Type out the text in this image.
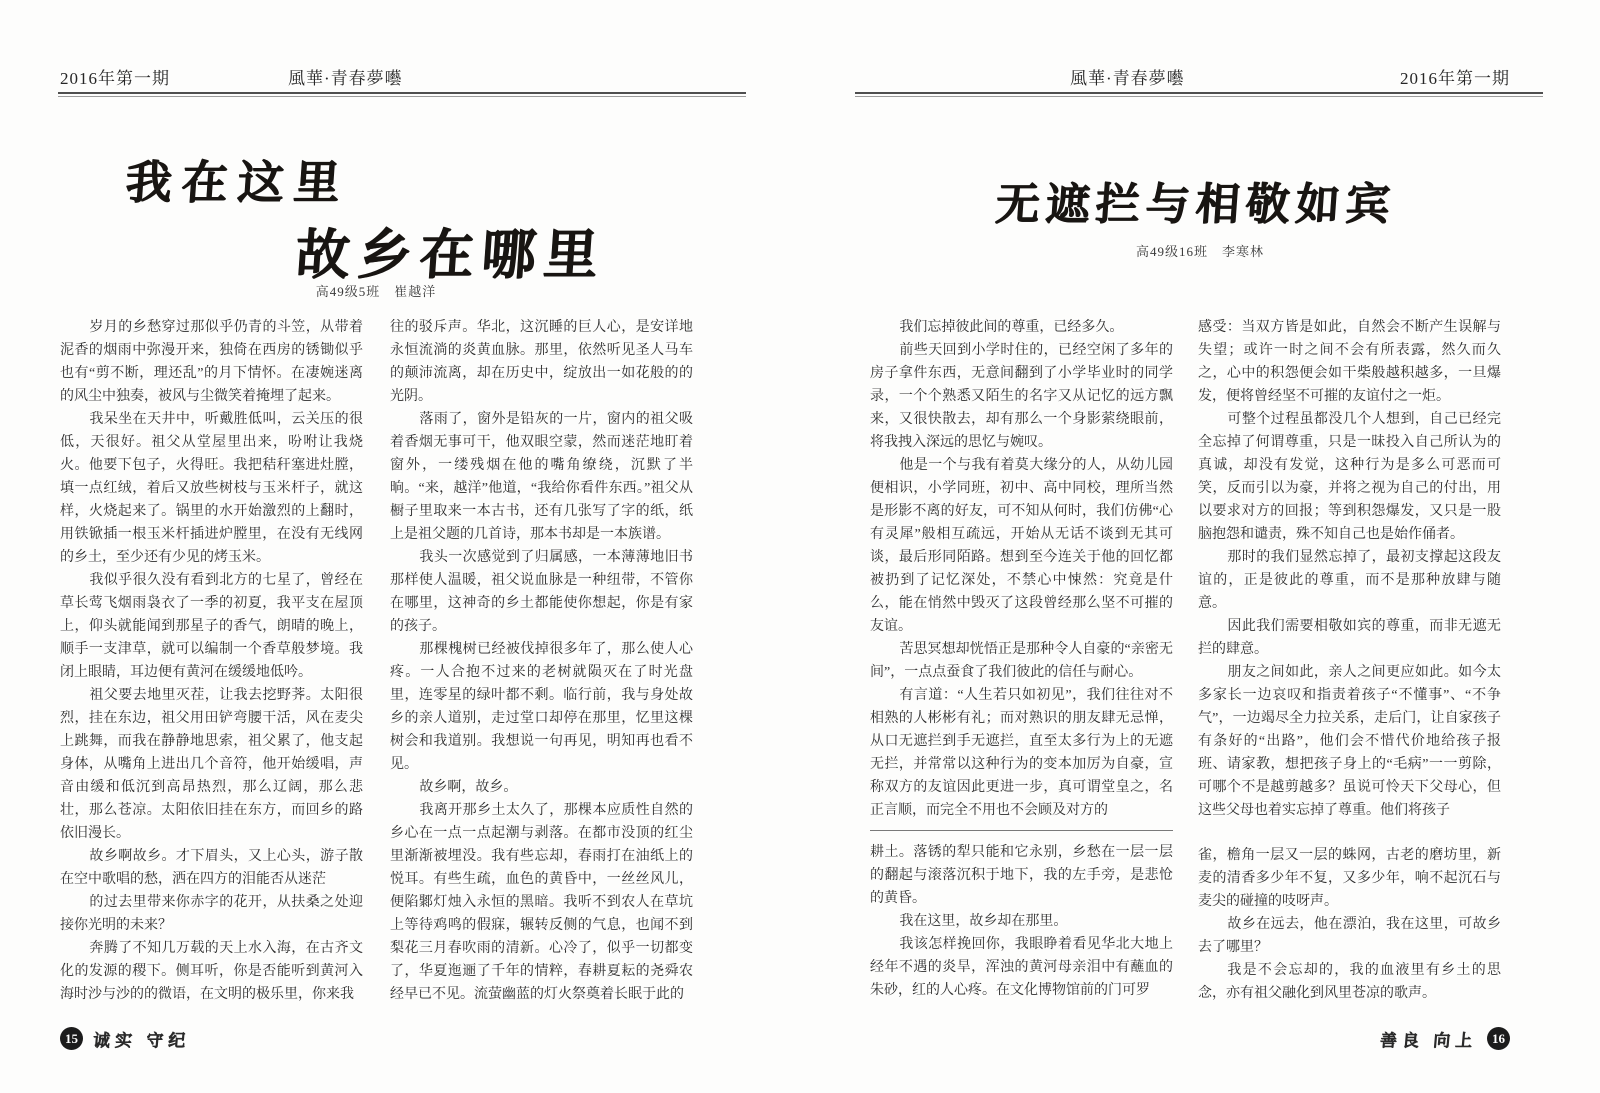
2016年第一期	風華·青春夢囈
我在这里
故乡在哪里
高49级5班　崔越洋

岁月的乡愁穿过那似乎仍青的斗笠，从带着泥香的烟雨中弥漫开来，独倚在西房的锈锄似乎也有“剪不断，理还乱”的月下情怀。在凄婉迷离的风尘中独奏，被风与尘微笑着掩埋了起来。

我呆坐在天井中，听戴胜低叫，云关压的很低，天很好。祖父从堂屋里出来，吩咐让我烧火。他要下包子，火得旺。我把秸秆塞进灶膛，填一点红绒，着后又放些树枝与玉米杆子，就这样，火烧起来了。锅里的水开始激烈的上翻时，用铁锨插一根玉米杆插进炉膛里，在没有无线网的乡土，至少还有少见的烤玉米。

我似乎很久没有看到北方的七星了，曾经在草长莺飞烟雨袅衣了一季的初夏，我平支在屋顶上，仰头就能闻到那星子的香气，朗晴的晚上，顺手一支津草，就可以编制一个香草般梦境。我闭上眼睛，耳边便有黄河在缓缓地低吟。

祖父要去地里灭茬，让我去挖野荠。太阳很烈，挂在东边，祖父用田铲弯腰干活，风在麦尖上跳舞，而我在静静地思索，祖父累了，他支起身体，从嘴角上进出几个音符，他开始缓唱，声音由缓和低沉到高昂热烈，那么辽阔，那么悲壮，那么苍凉。太阳依旧挂在东方，而回乡的路依旧漫长。

故乡啊故乡。才下眉头，又上心头，游子散在空中歌唱的愁，洒在四方的泪能否从迷茫

的过去里带来你赤字的花开，从扶桑之处迎接你光明的未来？

奔腾了不知几万载的天上水入海，在古齐文化的发源的稷下。侧耳听，你是否能听到黄河入海时沙与沙的的微语，在文明的极乐里，你来我

往的驳斥声。华北，这沉睡的巨人心，是安详地永恒流淌的炎黄血脉。那里，依然听见圣人马车的颠沛流离，却在历史中，绽放出一如花般的的光阴。

落雨了，窗外是铅灰的一片，窗内的祖父吸着香烟无事可干，他双眼空蒙，然而迷茫地盯着窗外，一缕残烟在他的嘴角缭绕，沉默了半晌。“来，越洋”他道，“我给你看件东西。”祖父从橱子里取来一本古书，还有几张写了字的纸，纸上是祖父题的几首诗，那本书却是一本族谱。

我头一次感觉到了归属感，一本薄薄地旧书那样使人温暖，祖父说血脉是一种纽带，不管你在哪里，这神奇的乡土都能使你想起，你是有家的孩子。

那棵槐树已经被伐掉很多年了，那么使人心疼。一人合抱不过来的老树就陨灭在了时光盘里，连零星的绿叶都不剩。临行前，我与身处故乡的亲人道别，走过堂口却停在那里，忆里这棵树会和我道别。我想说一句再见，明知再也看不见。

故乡啊，故乡。

我离开那乡土太久了，那棵本应质性自然的乡心在一点一点起潮与剥落。在都市没顶的红尘里渐渐被埋没。我有些忘却，春雨打在油纸上的悦耳。有些生疏，血色的黄昏中，一丝丝风儿，便陷鄹灯烛入永恒的黑暗。我听不到农人在草坑上等待鸡鸣的假寐，辗转反侧的气息，也闻不到梨花三月春吹雨的清新。心冷了，似乎一切都变了，华夏迤逦了千年的情粹，春耕夏耘的尧舜农经早已不见。流萤幽蓝的灯火祭奠着长眠于此的

15 诚实 守纪
風華·青春夢囈	2016年第一期
无遮拦与相敬如宾
高49级16班　李寒林

我们忘掉彼此间的尊重，已经多久。

前些天回到小学时住的，已经空闲了多年的房子拿件东西，无意间翻到了小学毕业时的同学录，一个个熟悉又陌生的名字又从记忆的远方飘来，又很快散去，却有那么一个身影萦绕眼前，将我拽入深远的思忆与婉叹。

他是一个与我有着莫大缘分的人，从幼儿园便相识，小学同班，初中、高中同校，理所当然是形影不离的好友，可不知从何时，我们仿佛“心有灵犀”般相互疏远，开始从无话不谈到无其可谈，最后形同陌路。想到至今连关于他的回忆都被扔到了记忆深处，不禁心中悚然：究竟是什么，能在悄然中毁灭了这段曾经那么坚不可摧的友谊。

苦思冥想却恍悟正是那种令人自豪的“亲密无间”，一点点蚕食了我们彼此的信任与耐心。

有言道：“人生若只如初见”，我们往往对不相熟的人彬彬有礼；而对熟识的朋友肆无忌惮，从口无遮拦到手无遮拦，直至太多行为上的无遮无拦，并常常以这种行为的变本加厉为自豪，宣称双方的友谊因此更进一步，真可谓堂皇之，名正言顺，而完全不用也不会顾及对方的

耕土。落锈的犁只能和它永别，乡愁在一层一层的翻起与滚落沉积于地下，我的左手旁，是悲怆的黄昏。

我在这里，故乡却在那里。

我该怎样挽回你，我眼睁着看见华北大地上经年不遇的炎旱，浑浊的黄河母亲泪中有蘸血的朱砂，红的人心疼。在文化博物馆前的门可罗

感受：当双方皆是如此，自然会不断产生误解与失望；或许一时之间不会有所表露，然久而久之，心中的积怨便会如干柴般越积越多，一旦爆发，便将曾经坚不可摧的友谊付之一炬。

可整个过程虽都没几个人想到，自己已经完全忘掉了何谓尊重，只是一昧投入自己所认为的真诚，却没有发觉，这种行为是多么可恶而可笑，反而引以为豪，并将之视为自己的付出，用以要求对方的回报；等到积怨爆发，又只是一股脑抱怨和谴责，殊不知自己也是始作俑者。

那时的我们显然忘掉了，最初支撑起这段友谊的，正是彼此的尊重，而不是那种放肆与随意。

因此我们需要相敬如宾的尊重，而非无遮无拦的肆意。

朋友之间如此，亲人之间更应如此。如今太多家长一边哀叹和指责着孩子“不懂事”、“不争气”，一边竭尽全力拉关系，走后门，让自家孩子有条好的“出路”，他们会不惜代价地给孩子报班、请家教，想把孩子身上的“毛病”一一剪除，可哪个不是越剪越多？虽说可怜天下父母心，但这些父母也着实忘掉了尊重。他们将孩子

雀，檐角一层又一层的蛛网，古老的磨坊里，新麦的清香多少年不复，又多少年，响不起沉石与麦尖的碰撞的吱呀声。

故乡在远去，他在漂泊，我在这里，可故乡去了哪里？

我是不会忘却的，我的血液里有乡土的思念，亦有祖父融化到风里苍凉的歌声。

善良 向上	16
